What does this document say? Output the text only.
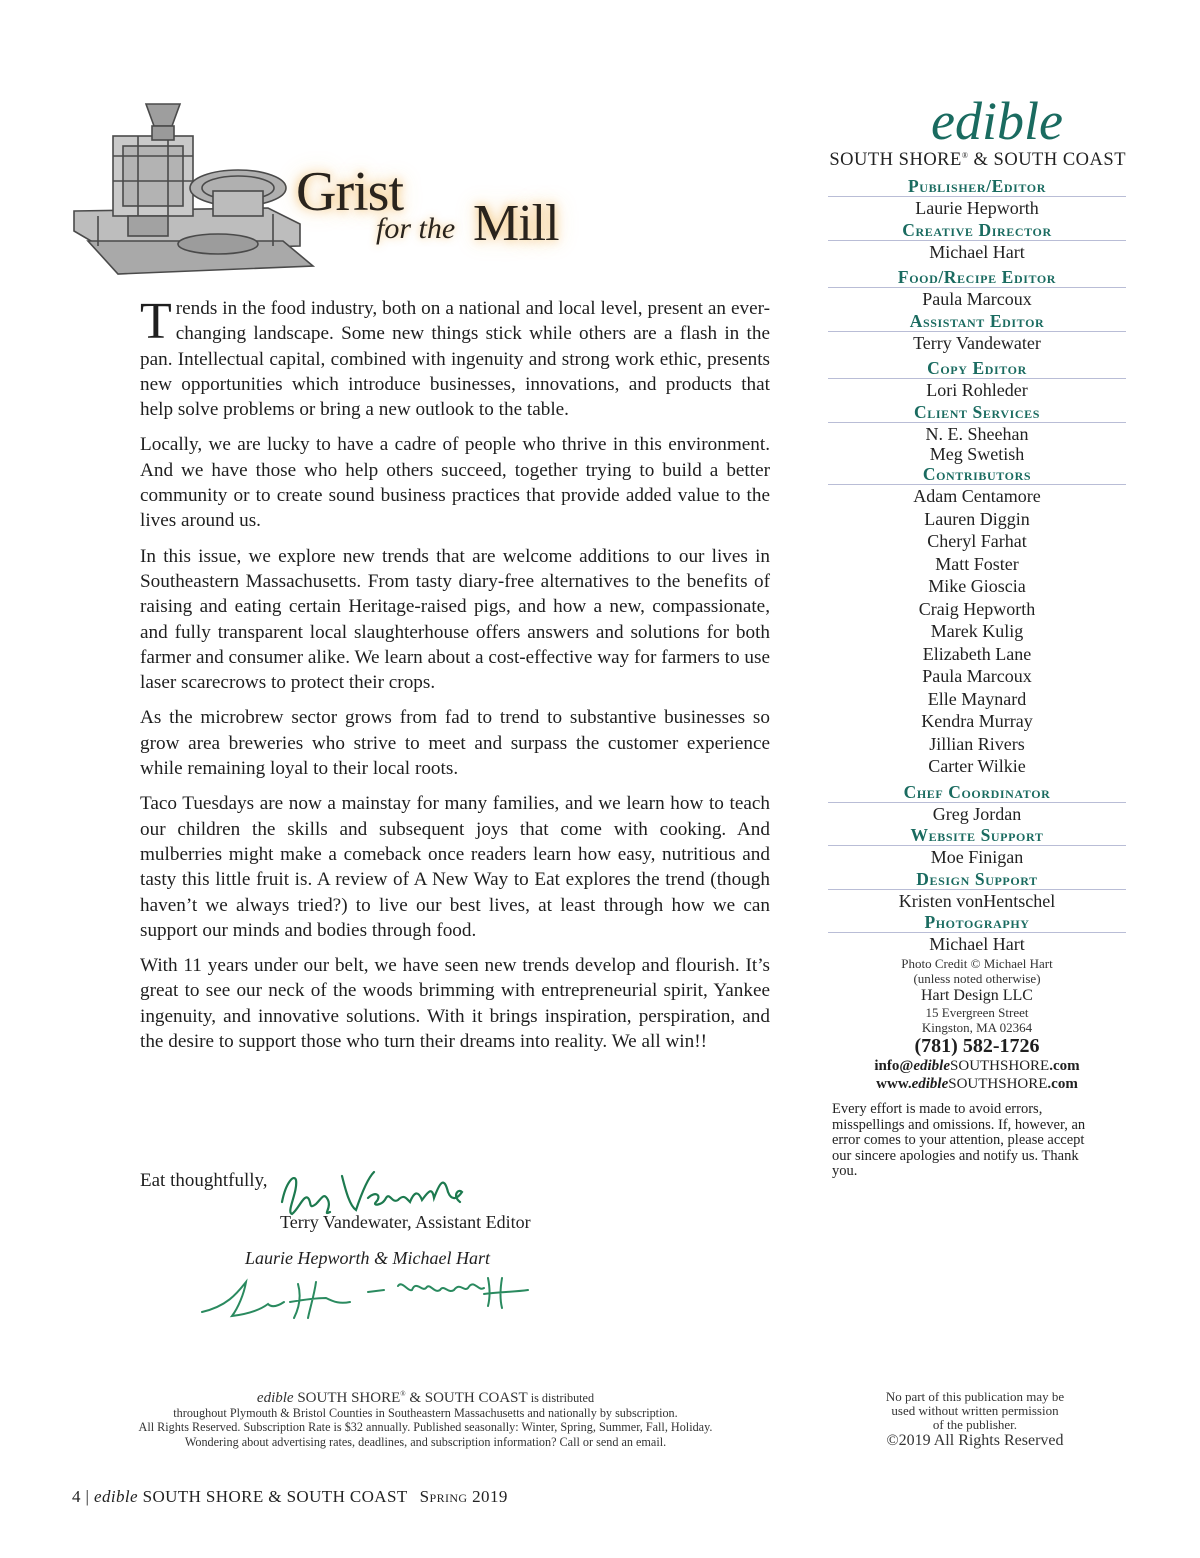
Grist
for the Mill

Trends in the food industry, both on a national and local level, present an ever-changing landscape. Some new things stick while others are a flash in the pan. Intellectual capital, combined with ingenuity and strong work ethic, presents new opportunities which introduce businesses, innovations, and products that help solve problems or bring a new outlook to the table.

Locally, we are lucky to have a cadre of people who thrive in this environment. And we have those who help others succeed, together trying to build a better community or to create sound business practices that provide added value to the lives around us.

In this issue, we explore new trends that are welcome additions to our lives in Southeastern Massachusetts. From tasty diary-free alternatives to the benefits of raising and eating certain Heritage-raised pigs, and how a new, compassionate, and fully transparent local slaughterhouse offers answers and solutions for both farmer and consumer alike. We learn about a cost-effective way for farmers to use laser scarecrows to protect their crops.

As the microbrew sector grows from fad to trend to substantive businesses so grow area breweries who strive to meet and surpass the customer experience while remaining loyal to their local roots.

Taco Tuesdays are now a mainstay for many families, and we learn how to teach our children the skills and subsequent joys that come with cooking. And mulberries might make a comeback once readers learn how easy, nutritious and tasty this little fruit is. A review of A New Way to Eat explores the trend (though haven’t we always tried?) to live our best lives, at least through how we can support our minds and bodies through food.

With 11 years under our belt, we have seen new trends develop and flourish. It’s great to see our neck of the woods brimming with entrepreneurial spirit, Yankee ingenuity, and innovative solutions. With it brings inspiration, perspiration, and the desire to support those who turn their dreams into reality. We all win!!

Eat thoughtfully,
Terry Vandewater, Assistant Editor
Laurie Hepworth & Michael Hart
edible
SOUTH SHORE® & SOUTH COAST
Publisher/Editor
Laurie Hepworth
Creative Director
Michael Hart
Food/Recipe Editor
Paula Marcoux
Assistant Editor
Terry Vandewater
Copy Editor
Lori Rohleder
Client Services
N. E. Sheehan
Meg Swetish
Contributors
Adam Centamore
Lauren Diggin
Cheryl Farhat
Matt Foster
Mike Gioscia
Craig Hepworth
Marek Kulig
Elizabeth Lane
Paula Marcoux
Elle Maynard
Kendra Murray
Jillian Rivers
Carter Wilkie
Chef Coordinator
Greg Jordan
Website Support
Moe Finigan
Design Support
Kristen vonHentschel
Photography
Michael Hart
Photo Credit © Michael Hart
(unless noted otherwise)
Hart Design LLC
15 Evergreen Street
Kingston, MA 02364
(781) 582-1726
info@edibleSOUTHSHORE.com
www.edibleSOUTHSHORE.com
Every effort is made to avoid errors, misspellings and omissions. If, however, an error comes to your attention, please accept our sincere apologies and notify us. Thank you.
edible SOUTH SHORE® & SOUTH COAST is distributed
throughout Plymouth & Bristol Counties in Southeastern Massachusetts and nationally by subscription.
All Rights Reserved. Subscription Rate is $32 annually. Published seasonally: Winter, Spring, Summer, Fall, Holiday.
Wondering about advertising rates, deadlines, and subscription information? Call or send an email.
No part of this publication may be
used without written permission
of the publisher.
©2019 All Rights Reserved
4 | edible SOUTH SHORE & SOUTH COAST Spring 2019
